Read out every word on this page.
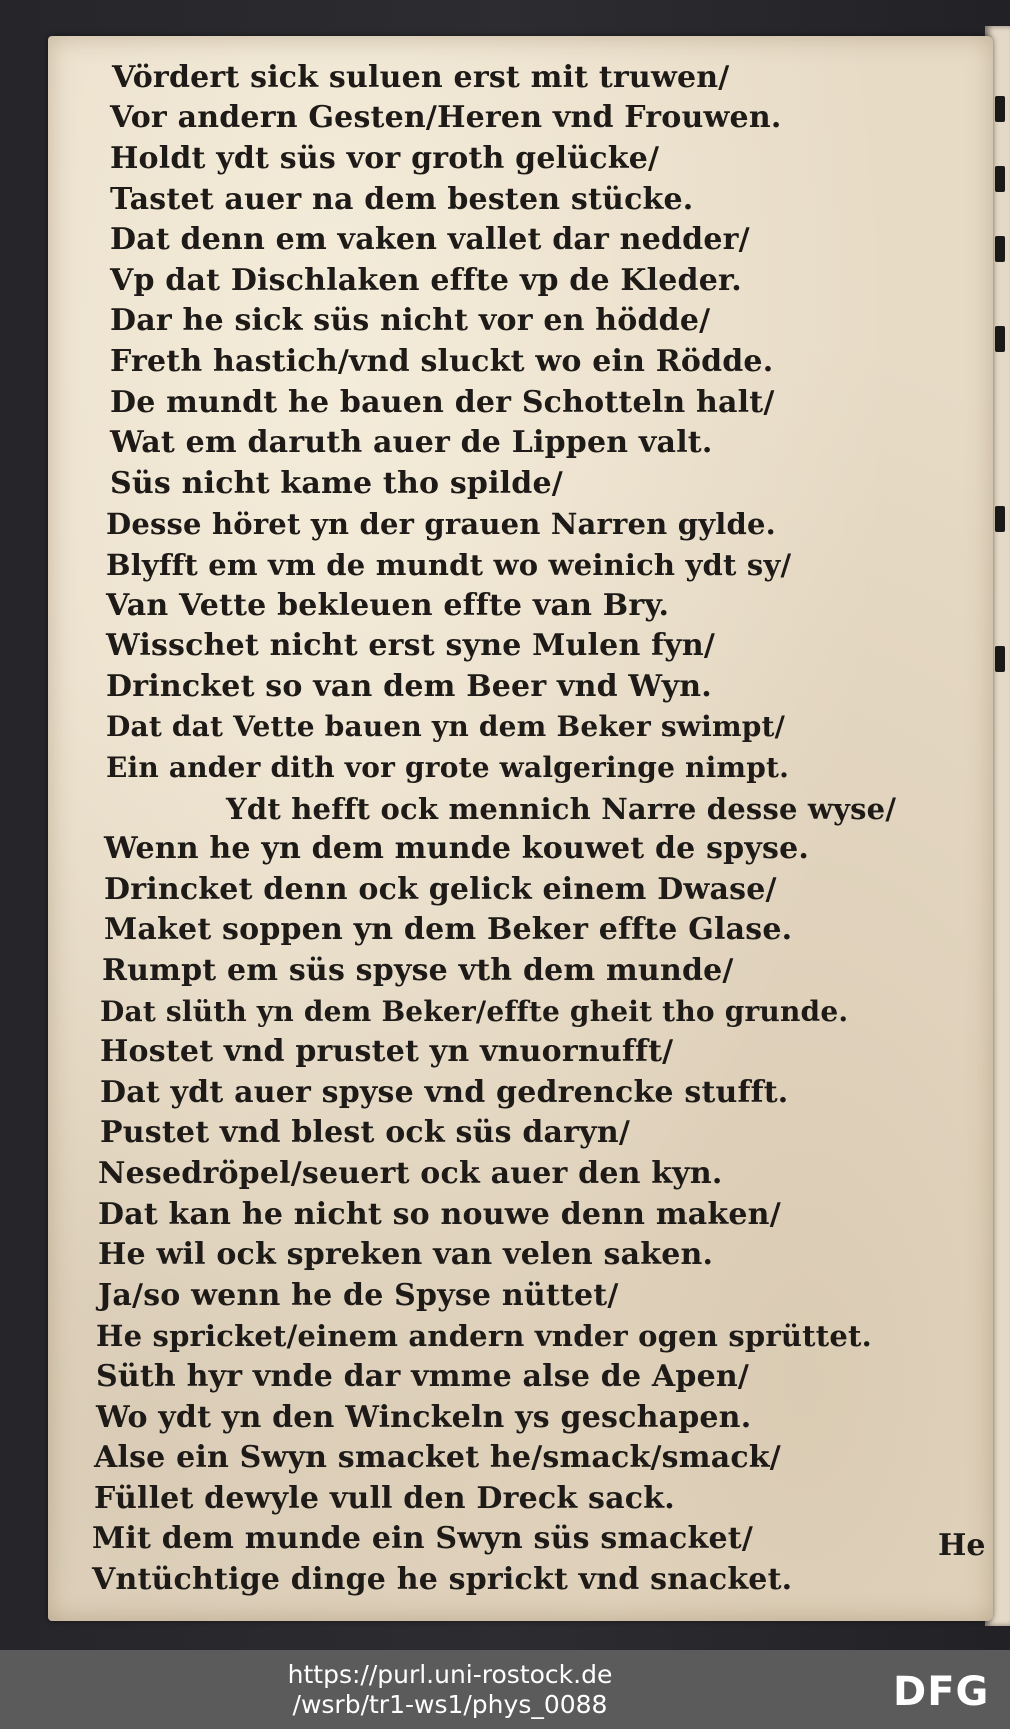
Vördert sick suluen erst mit truwen/
Vor andern Gesten/Heren vnd Frouwen.
Holdt ydt süs vor groth gelücke/
Tastet auer na dem besten stücke.
Dat denn em vaken vallet dar nedder/
Vp dat Dischlaken effte vp de Kleder.
Dar he sick süs nicht vor en hödde/
Freth hastich/vnd sluckt wo ein Rödde.
De mundt he bauen der Schotteln halt/
Wat em daruth auer de Lippen valt.
Süs nicht kame tho spilde/
Desse höret yn der grauen Narren gylde.
Blyfft em vm de mundt wo weinich ydt sy/
Van Vette bekleuen effte van Bry.
Wisschet nicht erst syne Mulen fyn/
Drincket so van dem Beer vnd Wyn.
Dat dat Vette bauen yn dem Beker swimpt/
Ein ander dith vor grote walgeringe nimpt.
Ydt hefft ock mennich Narre desse wyse/
Wenn he yn dem munde kouwet de spyse.
Drincket denn ock gelick einem Dwase/
Maket soppen yn dem Beker effte Glase.
Rumpt em süs spyse vth dem munde/
Dat slüth yn dem Beker/effte gheit tho grunde.
Hostet vnd prustet yn vnuornufft/
Dat ydt auer spyse vnd gedrencke stufft.
Pustet vnd blest ock süs daryn/
Nesedröpel/seuert ock auer den kyn.
Dat kan he nicht so nouwe denn maken/
He wil ock spreken van velen saken.
Ja/so wenn he de Spyse nüttet/
He spricket/einem andern vnder ogen sprüttet.
Süth hyr vnde dar vmme alse de Apen/
Wo ydt yn den Winckeln ys geschapen.
Alse ein Swyn smacket he/smack/smack/
Füllet dewyle vull den Dreck sack.
Mit dem munde ein Swyn süs smacket/
Vntüchtige dinge he sprickt vnd snacket.
He
https://purl.uni-rostock.de
/wsrb/tr1-ws1/phys_0088	DFG
